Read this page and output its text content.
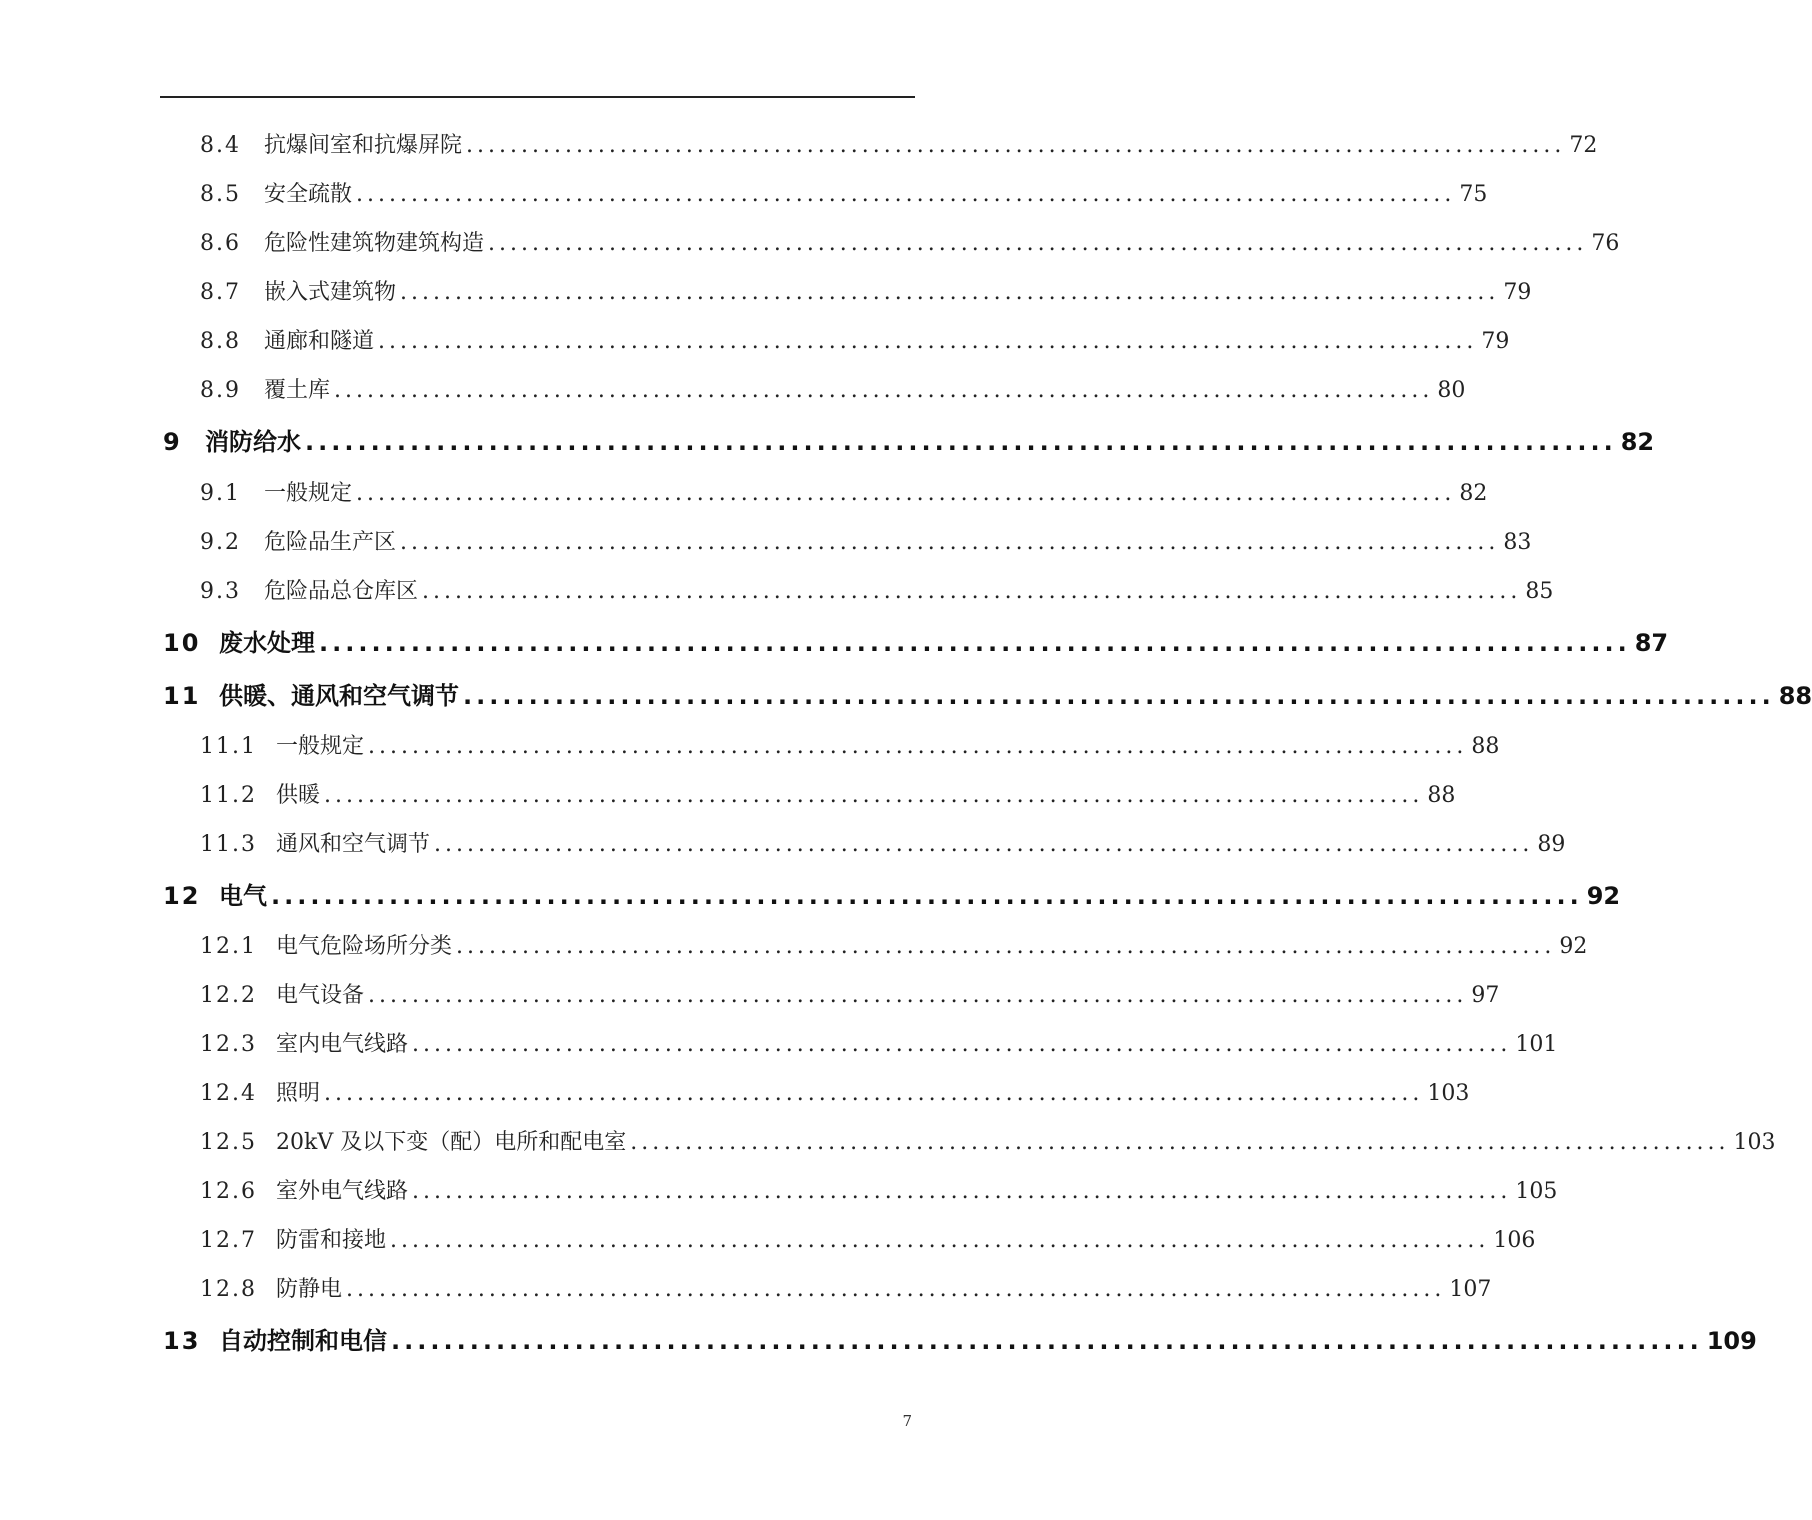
8.4	抗爆间室和抗爆屏院 .................................................................................................... 72
8.5	安全疏散 .................................................................................................... 75
8.6	危险性建筑物建筑构造 .................................................................................................... 76
8.7	嵌入式建筑物 .................................................................................................... 79
8.8	通廊和隧道 .................................................................................................... 79
8.9	覆土库 .................................................................................................... 80
9 消防给水 .................................................................................................... 82
9.1	一般规定 .................................................................................................... 82
9.2	危险品生产区 .................................................................................................... 83
9.3	危险品总仓库区 .................................................................................................... 85
10 废水处理 .................................................................................................... 87
11 供暖、通风和空气调节 .................................................................................................... 88
11.1 一般规定 .................................................................................................... 88
11.2 供暖 .................................................................................................... 88
11.3 通风和空气调节 .................................................................................................... 89
12 电气 .................................................................................................... 92
12.1 电气危险场所分类 .................................................................................................... 92
12.2 电气设备 .................................................................................................... 97
12.3 室内电气线路 .................................................................................................... 101
12.4 照明 .................................................................................................... 103
12.5 20kV 及以下变（配）电所和配电室 .................................................................................................... 103
12.6 室外电气线路 .................................................................................................... 105
12.7 防雷和接地 .................................................................................................... 106
12.8 防静电 .................................................................................................... 107
13 自动控制和电信 .................................................................................................... 109
7
